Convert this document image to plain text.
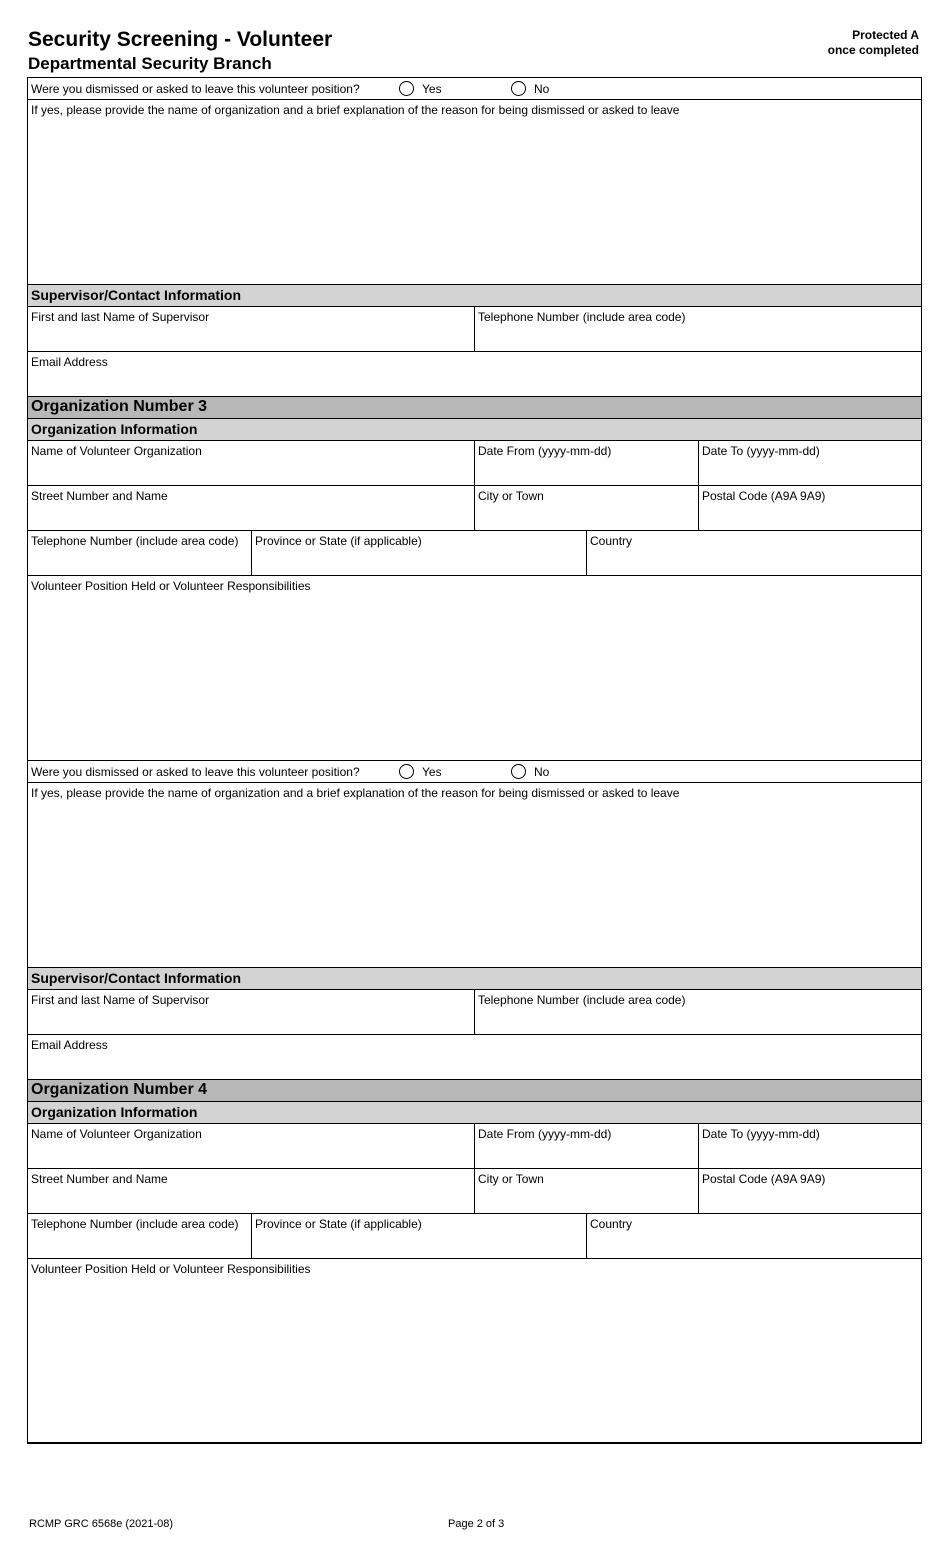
Security Screening - Volunteer
Departmental Security Branch
Protected A
once completed
Were you dismissed or asked to leave this volunteer position?	Yes	No
If yes, please provide the name of organization and a brief explanation of the reason for being dismissed or asked to leave
Supervisor/Contact Information
First and last Name of Supervisor	Telephone Number (include area code)
Email Address
Organization Number 3
Organization Information
Name of Volunteer Organization	Date From (yyyy-mm-dd)	Date To (yyyy-mm-dd)
Street Number and Name	City or Town	Postal Code (A9A 9A9)
Telephone Number (include area code)	Province or State (if applicable)	Country
Volunteer Position Held or Volunteer Responsibilities
Were you dismissed or asked to leave this volunteer position?	Yes	No
If yes, please provide the name of organization and a brief explanation of the reason for being dismissed or asked to leave
Supervisor/Contact Information
First and last Name of Supervisor	Telephone Number (include area code)
Email Address
Organization Number 4
Organization Information
Name of Volunteer Organization	Date From (yyyy-mm-dd)	Date To (yyyy-mm-dd)
Street Number and Name	City or Town	Postal Code (A9A 9A9)
Telephone Number (include area code)	Province or State (if applicable)	Country
Volunteer Position Held or Volunteer Responsibilities
RCMP GRC 6568e (2021-08)	Page 2 of 3
